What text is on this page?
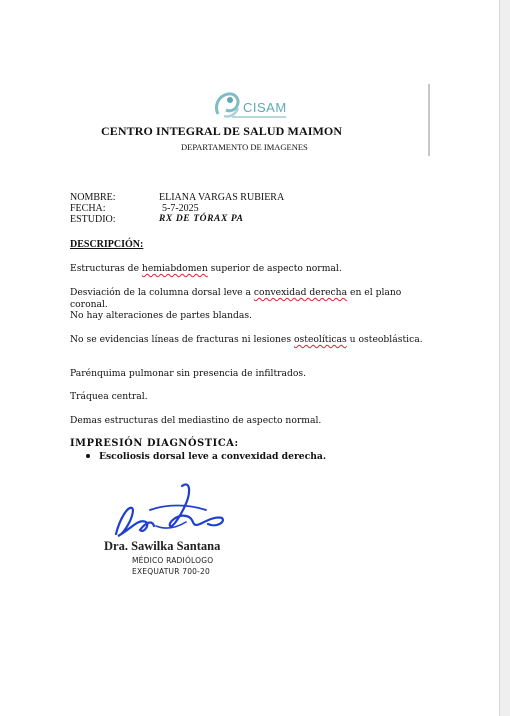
CISAM
CENTRO INTEGRAL DE SALUD MAIMON
DEPARTAMENTO DE IMAGENES
NOMBRE:	ELIANA VARGAS RUBIERA
FECHA:	5-7-2025
ESTUDIO:	RX DE TÓRAX PA
DESCRIPCIÓN:
Estructuras de hemiabdomen superior de aspecto normal.
Desviación de la columna dorsal leve a convexidad derecha en el plano coronal.
No hay alteraciones de partes blandas.
No se evidencias líneas de fracturas ni lesiones osteolíticas u osteoblástica.
Parénquima pulmonar sin presencia de infiltrados.
Tráquea central.
Demas estructuras del mediastino de aspecto normal.
IMPRESIÓN DIAGNÓSTICA:
Escoliosis dorsal leve a convexidad derecha.
Dra. Sawilka Santana
MÉDICO RADIÓLOGO
EXEQUATUR 700-20
